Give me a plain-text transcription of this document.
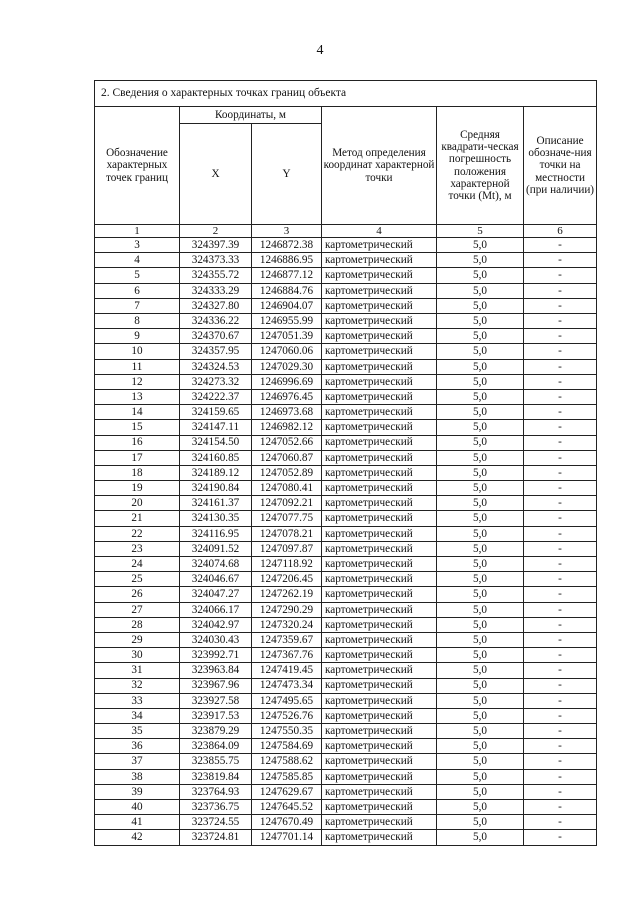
4
2. Сведения о характерных точках границ объекта					
Обозначение характерных точек границ	Координаты, м		Метод определения координат характерной точки	Средняя квадрати-ческая погрешность положения характерной точки (Mt), м	Описание обозначе-ния точки на местности (при наличии)
	X	Y			
1	2	3	4	5	6
3	324397.39	1246872.38	картометрический	5,0	-
4	324373.33	1246886.95	картометрический	5,0	-
5	324355.72	1246877.12	картометрический	5,0	-
6	324333.29	1246884.76	картометрический	5,0	-
7	324327.80	1246904.07	картометрический	5,0	-
8	324336.22	1246955.99	картометрический	5,0	-
9	324370.67	1247051.39	картометрический	5,0	-
10	324357.95	1247060.06	картометрический	5,0	-
11	324324.53	1247029.30	картометрический	5,0	-
12	324273.32	1246996.69	картометрический	5,0	-
13	324222.37	1246976.45	картометрический	5,0	-
14	324159.65	1246973.68	картометрический	5,0	-
15	324147.11	1246982.12	картометрический	5,0	-
16	324154.50	1247052.66	картометрический	5,0	-
17	324160.85	1247060.87	картометрический	5,0	-
18	324189.12	1247052.89	картометрический	5,0	-
19	324190.84	1247080.41	картометрический	5,0	-
20	324161.37	1247092.21	картометрический	5,0	-
21	324130.35	1247077.75	картометрический	5,0	-
22	324116.95	1247078.21	картометрический	5,0	-
23	324091.52	1247097.87	картометрический	5,0	-
24	324074.68	1247118.92	картометрический	5,0	-
25	324046.67	1247206.45	картометрический	5,0	-
26	324047.27	1247262.19	картометрический	5,0	-
27	324066.17	1247290.29	картометрический	5,0	-
28	324042.97	1247320.24	картометрический	5,0	-
29	324030.43	1247359.67	картометрический	5,0	-
30	323992.71	1247367.76	картометрический	5,0	-
31	323963.84	1247419.45	картометрический	5,0	-
32	323967.96	1247473.34	картометрический	5,0	-
33	323927.58	1247495.65	картометрический	5,0	-
34	323917.53	1247526.76	картометрический	5,0	-
35	323879.29	1247550.35	картометрический	5,0	-
36	323864.09	1247584.69	картометрический	5,0	-
37	323855.75	1247588.62	картометрический	5,0	-
38	323819.84	1247585.85	картометрический	5,0	-
39	323764.93	1247629.67	картометрический	5,0	-
40	323736.75	1247645.52	картометрический	5,0	-
41	323724.55	1247670.49	картометрический	5,0	-
42	323724.81	1247701.14	картометрический	5,0	-
